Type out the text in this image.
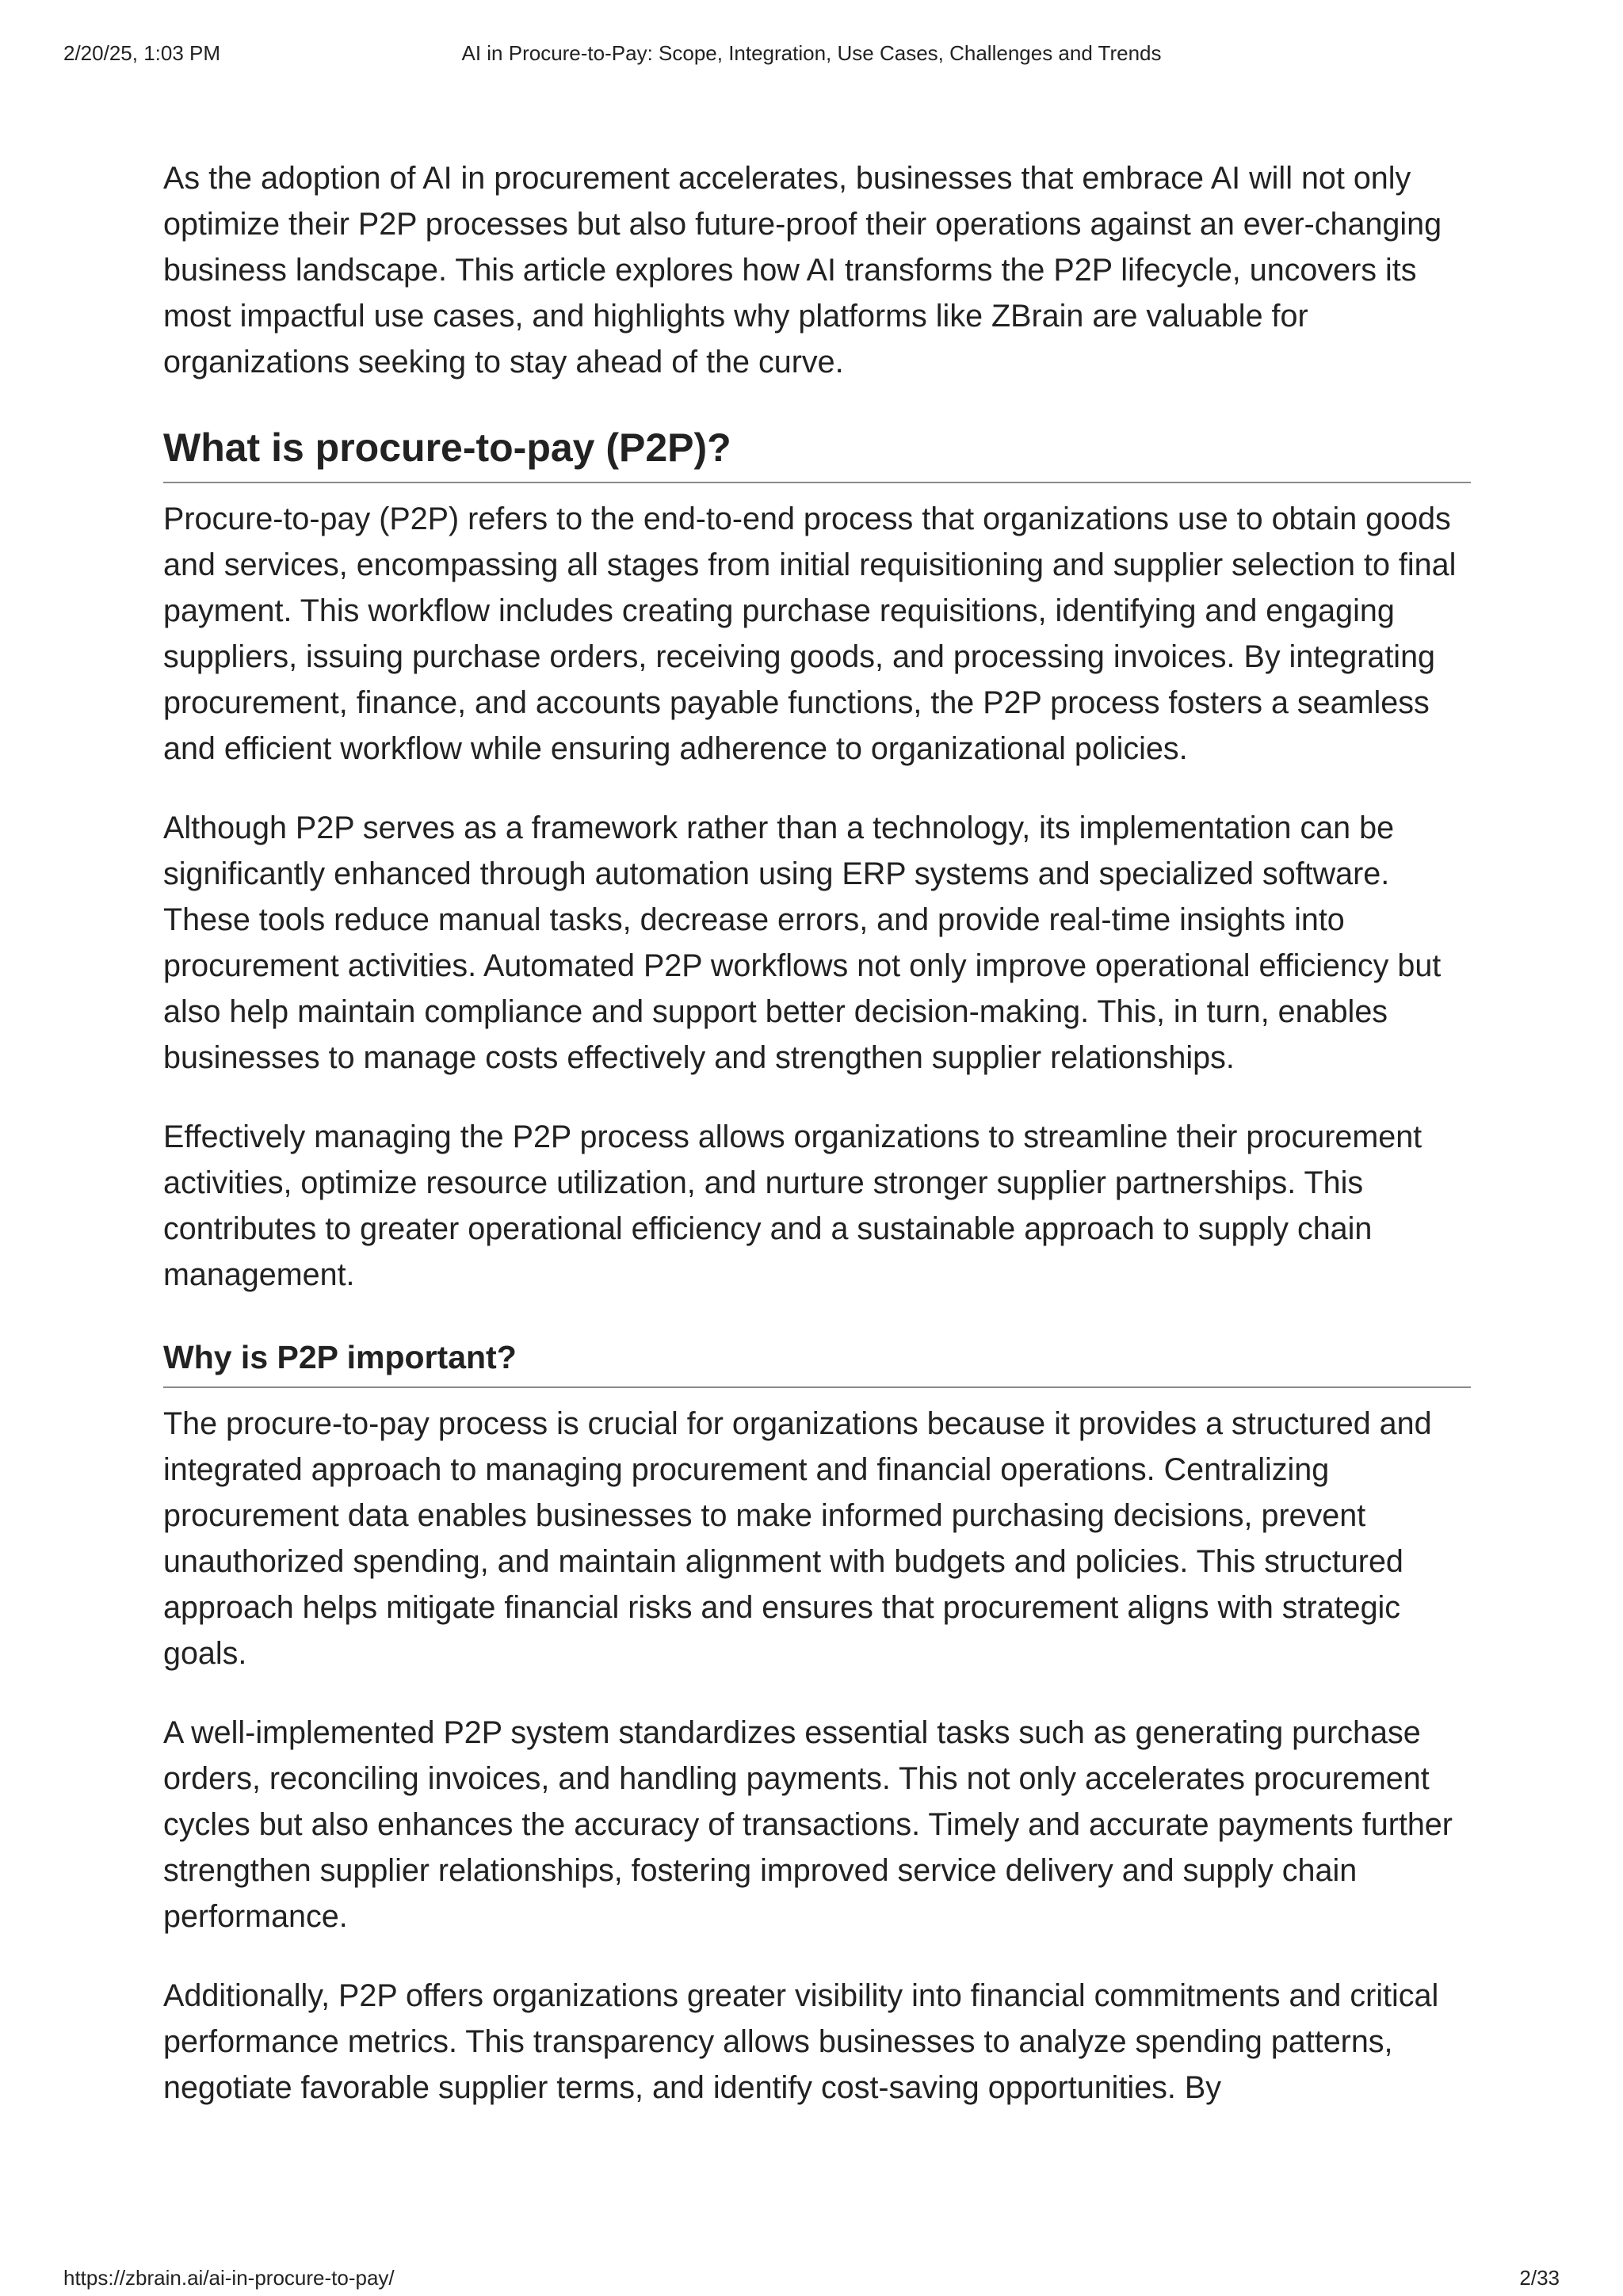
2/20/25, 1:03 PM	AI in Procure-to-Pay: Scope, Integration, Use Cases, Challenges and Trends

As the adoption of AI in procurement accelerates, businesses that embrace AI will not only optimize their P2P processes but also future-proof their operations against an ever-changing business landscape. This article explores how AI transforms the P2P lifecycle, uncovers its most impactful use cases, and highlights why platforms like ZBrain are valuable for organizations seeking to stay ahead of the curve.

What is procure-to-pay (P2P)?

Procure-to-pay (P2P) refers to the end-to-end process that organizations use to obtain goods and services, encompassing all stages from initial requisitioning and supplier selection to final payment. This workflow includes creating purchase requisitions, identifying and engaging suppliers, issuing purchase orders, receiving goods, and processing invoices. By integrating procurement, finance, and accounts payable functions, the P2P process fosters a seamless and efficient workflow while ensuring adherence to organizational policies.

Although P2P serves as a framework rather than a technology, its implementation can be significantly enhanced through automation using ERP systems and specialized software. These tools reduce manual tasks, decrease errors, and provide real-time insights into procurement activities. Automated P2P workflows not only improve operational efficiency but also help maintain compliance and support better decision-making. This, in turn, enables businesses to manage costs effectively and strengthen supplier relationships.

Effectively managing the P2P process allows organizations to streamline their procurement activities, optimize resource utilization, and nurture stronger supplier partnerships. This contributes to greater operational efficiency and a sustainable approach to supply chain management.

Why is P2P important?

The procure-to-pay process is crucial for organizations because it provides a structured and integrated approach to managing procurement and financial operations. Centralizing procurement data enables businesses to make informed purchasing decisions, prevent unauthorized spending, and maintain alignment with budgets and policies. This structured approach helps mitigate financial risks and ensures that procurement aligns with strategic goals.

A well-implemented P2P system standardizes essential tasks such as generating purchase orders, reconciling invoices, and handling payments. This not only accelerates procurement cycles but also enhances the accuracy of transactions. Timely and accurate payments further strengthen supplier relationships, fostering improved service delivery and supply chain performance.

Additionally, P2P offers organizations greater visibility into financial commitments and critical performance metrics. This transparency allows businesses to analyze spending patterns, negotiate favorable supplier terms, and identify cost-saving opportunities. By

https://zbrain.ai/ai-in-procure-to-pay/	2/33
